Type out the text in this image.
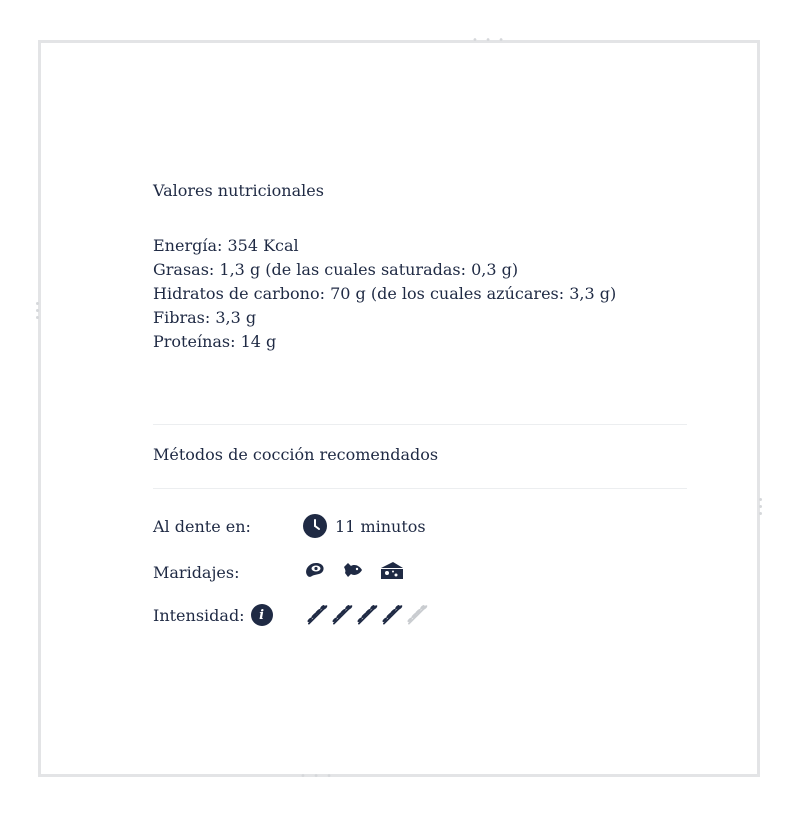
• • •
• • •
Valores nutricionales
Energía: 354 Kcal
Grasas: 1,3 g (de las cuales saturadas: 0,3 g)
Hidratos de carbono: 70 g (de los cuales azúcares: 3,3 g)
Fibras: 3,3 g
Proteínas: 14 g
Métodos de cocción recomendados
Al dente en:	11 minutos
Maridajes:
Intensidad:	i
